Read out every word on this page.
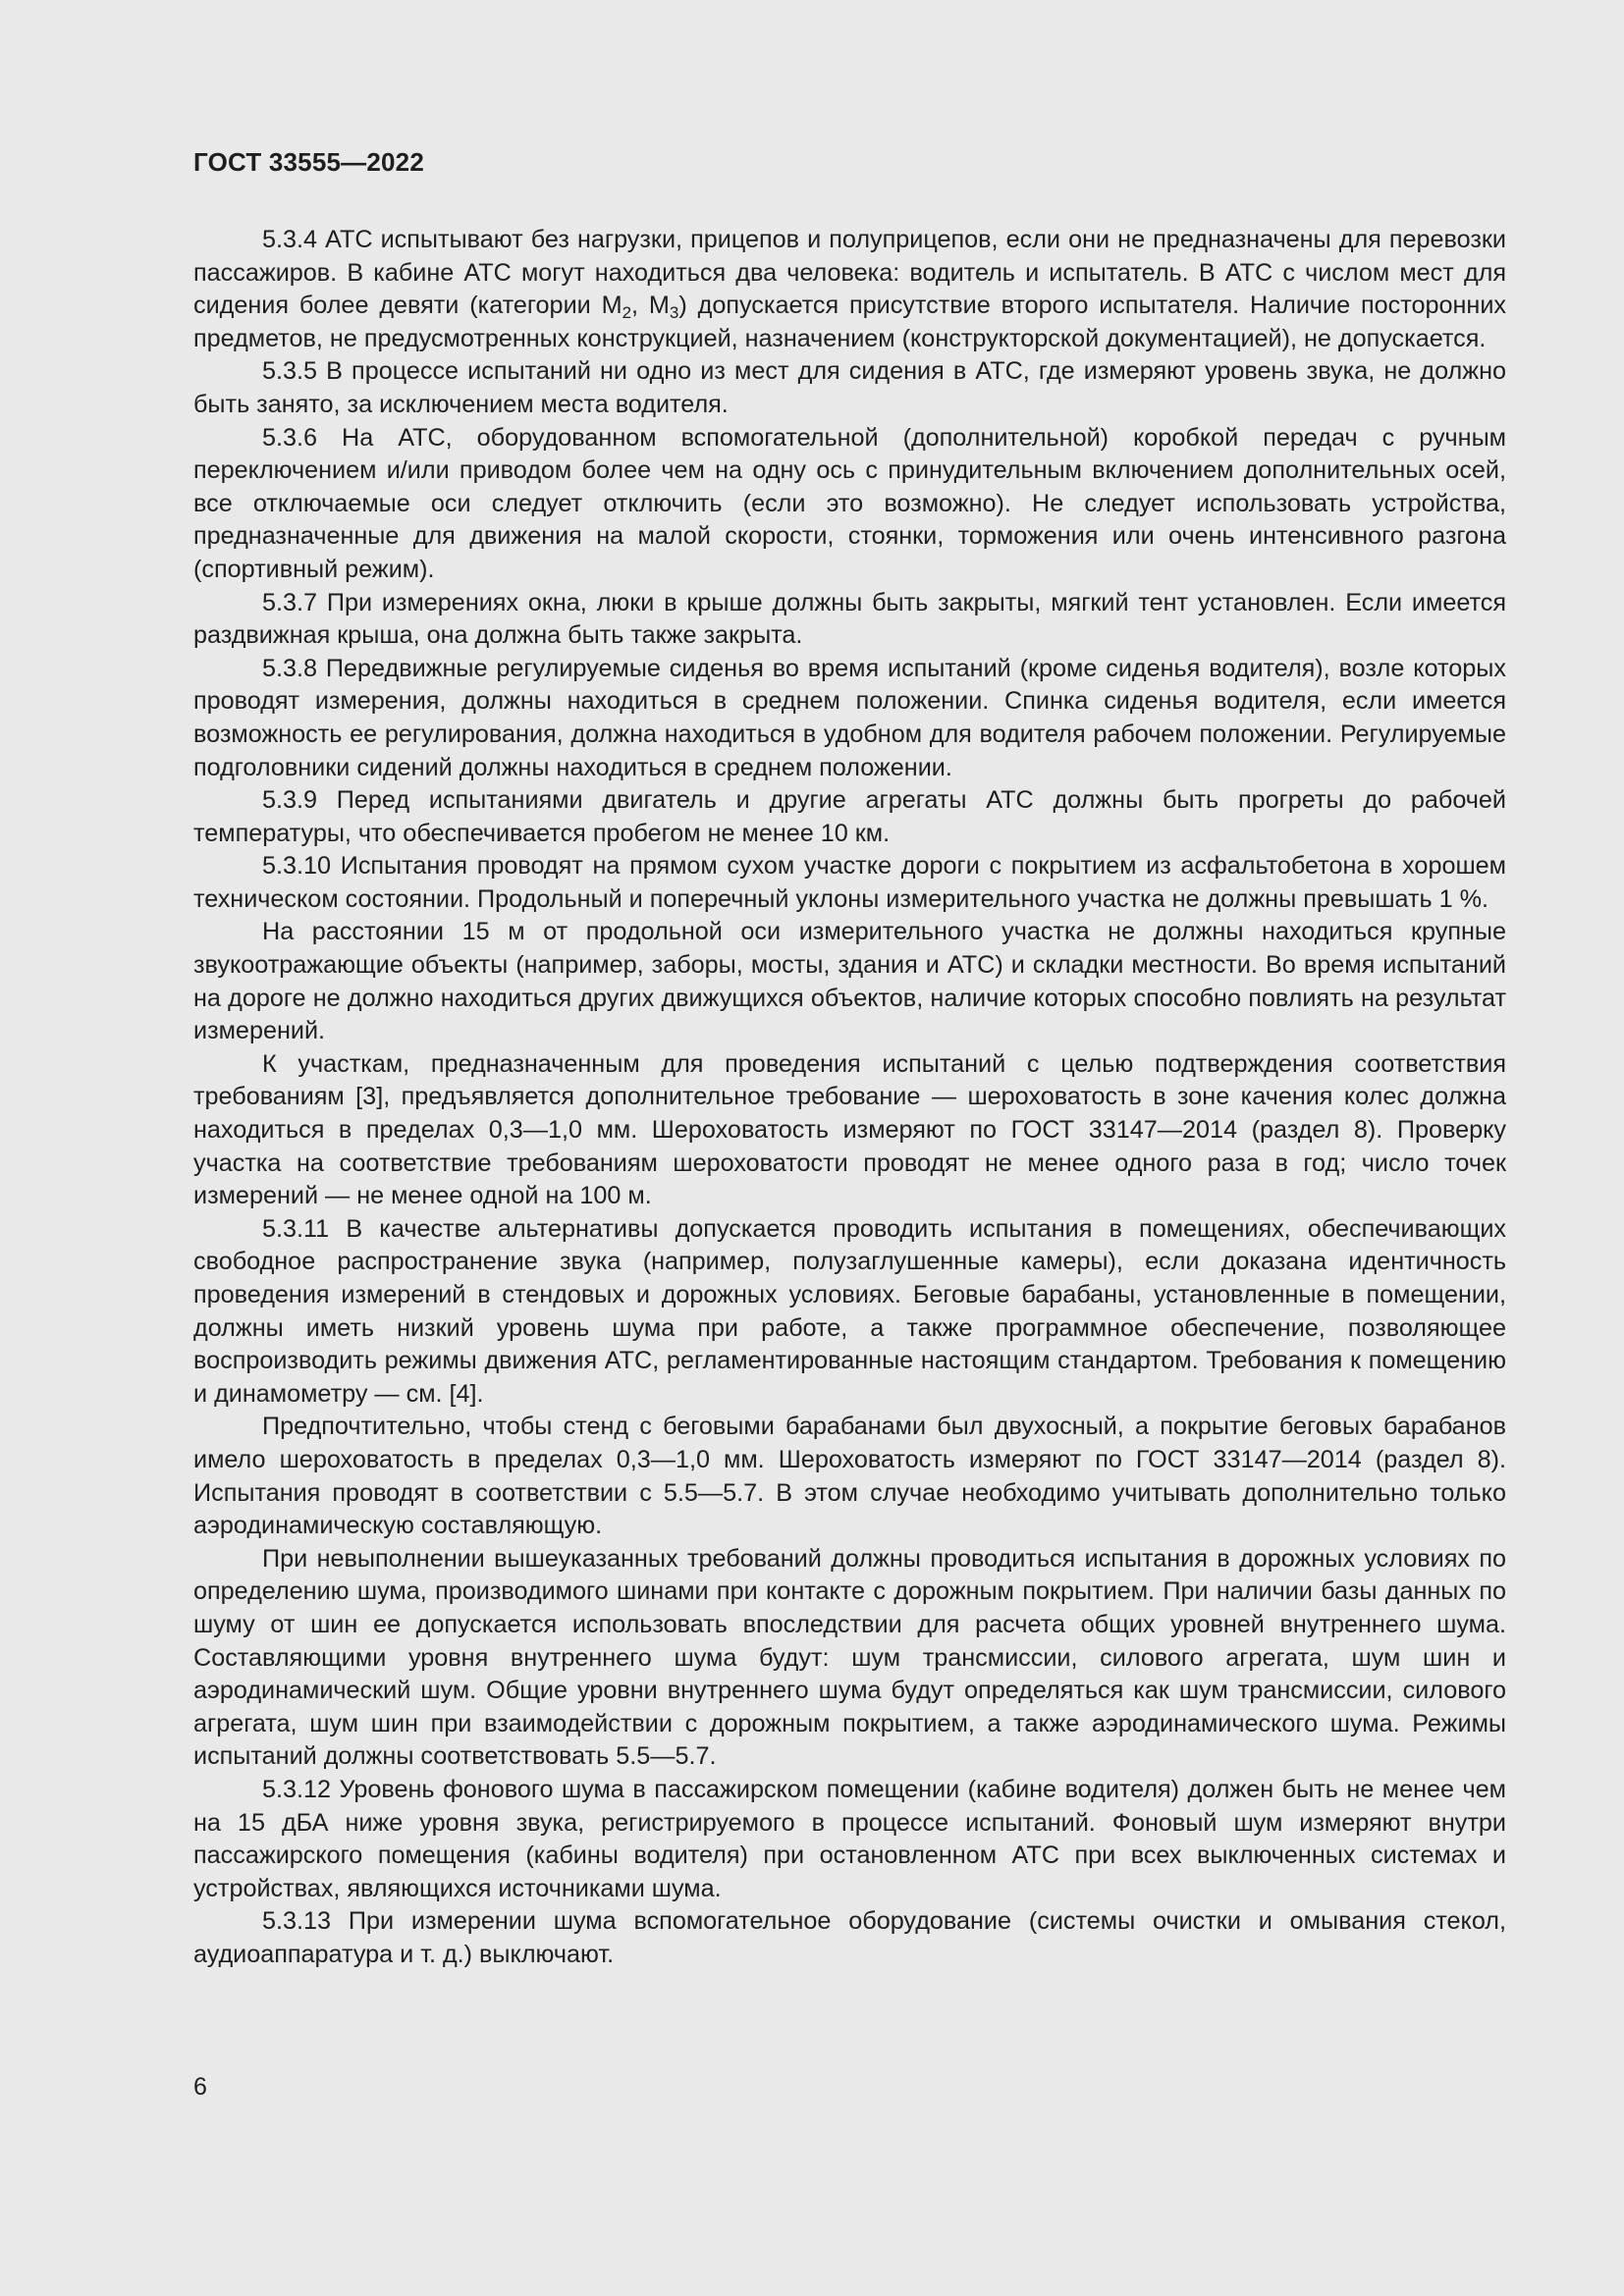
ГОСТ 33555—2022

5.3.4 АТС испытывают без нагрузки, прицепов и полуприцепов, если они не предназначены для перевозки пассажиров. В кабине АТС могут находиться два человека: водитель и испытатель. В АТС с числом мест для сидения более девяти (категории $M_2$, $M_3$) допускается присутствие второго испытателя. Наличие посторонних предметов, не предусмотренных конструкцией, назначением (конструкторской документацией), не допускается.

5.3.5 В процессе испытаний ни одно из мест для сидения в АТС, где измеряют уровень звука, не должно быть занято, за исключением места водителя.

5.3.6 На АТС, оборудованном вспомогательной (дополнительной) коробкой передач с ручным переключением и/или приводом более чем на одну ось с принудительным включением дополнительных осей, все отключаемые оси следует отключить (если это возможно). Не следует использовать устройства, предназначенные для движения на малой скорости, стоянки, торможения или очень интенсивного разгона (спортивный режим).

5.3.7 При измерениях окна, люки в крыше должны быть закрыты, мягкий тент установлен. Если имеется раздвижная крыша, она должна быть также закрыта.

5.3.8 Передвижные регулируемые сиденья во время испытаний (кроме сиденья водителя), возле которых проводят измерения, должны находиться в среднем положении. Спинка сиденья водителя, если имеется возможность ее регулирования, должна находиться в удобном для водителя рабочем положении. Регулируемые подголовники сидений должны находиться в среднем положении.

5.3.9 Перед испытаниями двигатель и другие агрегаты АТС должны быть прогреты до рабочей температуры, что обеспечивается пробегом не менее 10 км.

5.3.10 Испытания проводят на прямом сухом участке дороги с покрытием из асфальтобетона в хорошем техническом состоянии. Продольный и поперечный уклоны измерительного участка не должны превышать 1 %.

На расстоянии 15 м от продольной оси измерительного участка не должны находиться крупные звукоотражающие объекты (например, заборы, мосты, здания и АТС) и складки местности. Во время испытаний на дороге не должно находиться других движущихся объектов, наличие которых способно повлиять на результат измерений.

К участкам, предназначенным для проведения испытаний с целью подтверждения соответствия требованиям [3], предъявляется дополнительное требование — шероховатость в зоне качения колес должна находиться в пределах 0,3—1,0 мм. Шероховатость измеряют по ГОСТ 33147—2014 (раздел 8). Проверку участка на соответствие требованиям шероховатости проводят не менее одного раза в год; число точек измерений — не менее одной на 100 м.

5.3.11 В качестве альтернативы допускается проводить испытания в помещениях, обеспечивающих свободное распространение звука (например, полузаглушенные камеры), если доказана идентичность проведения измерений в стендовых и дорожных условиях. Беговые барабаны, установленные в помещении, должны иметь низкий уровень шума при работе, а также программное обеспечение, позволяющее воспроизводить режимы движения АТС, регламентированные настоящим стандартом. Требования к помещению и динамометру — см. [4].

Предпочтительно, чтобы стенд с беговыми барабанами был двухосный, а покрытие беговых барабанов имело шероховатость в пределах 0,3—1,0 мм. Шероховатость измеряют по ГОСТ 33147—2014 (раздел 8). Испытания проводят в соответствии с 5.5—5.7. В этом случае необходимо учитывать дополнительно только аэродинамическую составляющую.

При невыполнении вышеуказанных требований должны проводиться испытания в дорожных условиях по определению шума, производимого шинами при контакте с дорожным покрытием. При наличии базы данных по шуму от шин ее допускается использовать впоследствии для расчета общих уровней внутреннего шума. Составляющими уровня внутреннего шума будут: шум трансмиссии, силового агрегата, шум шин и аэродинамический шум. Общие уровни внутреннего шума будут определяться как шум трансмиссии, силового агрегата, шум шин при взаимодействии с дорожным покрытием, а также аэродинамического шума. Режимы испытаний должны соответствовать 5.5—5.7.

5.3.12 Уровень фонового шума в пассажирском помещении (кабине водителя) должен быть не менее чем на 15 дБА ниже уровня звука, регистрируемого в процессе испытаний. Фоновый шум измеряют внутри пассажирского помещения (кабины водителя) при остановленном АТС при всех выключенных системах и устройствах, являющихся источниками шума.

5.3.13 При измерении шума вспомогательное оборудование (системы очистки и омывания стекол, аудиоаппаратура и т. д.) выключают.

6
